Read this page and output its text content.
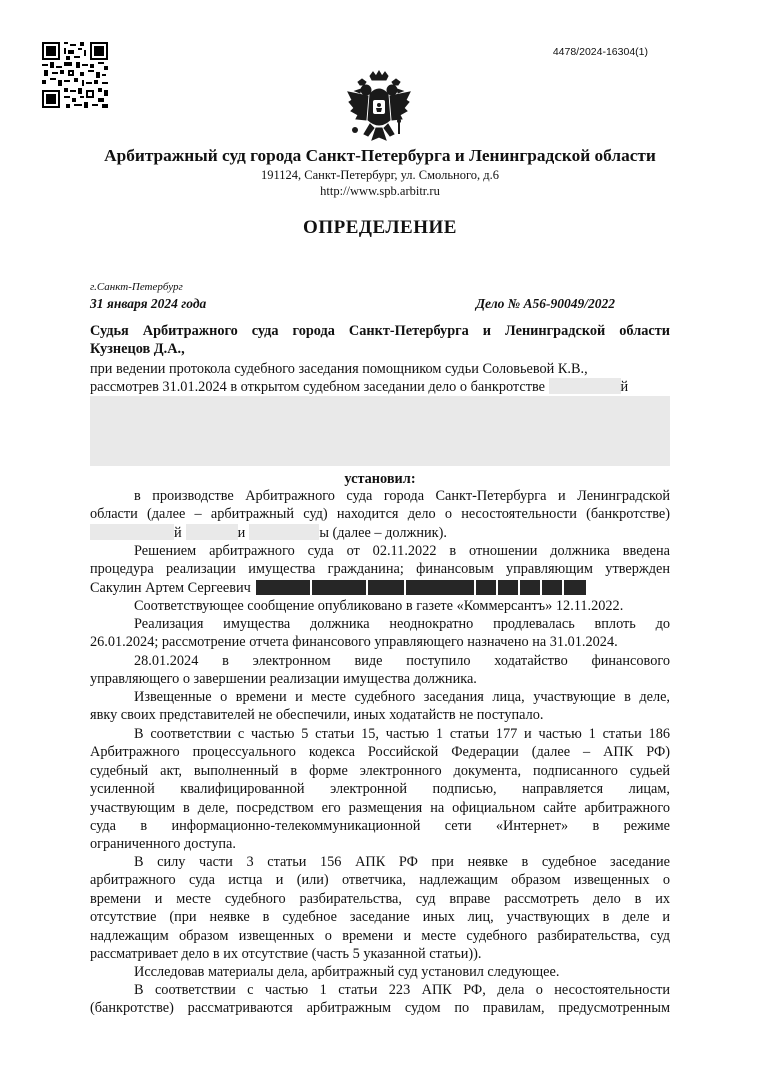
4478/2024-16304(1)
Арбитражный суд города Санкт-Петербурга и Ленинградской области
191124, Санкт-Петербург, ул. Смольного, д.6
http://www.spb.arbitr.ru
ОПРЕДЕЛЕНИЕ
г.Санкт-Петербург
31 января 2024 года	Дело № А56-90049/2022
Судья Арбитражного суда города Санкт-Петербурга и Ленинградской области
Кузнецов Д.А.,
при ведении протокола судебного заседания помощником судьи Соловьевой К.В.,
рассмотрев 31.01.2024 в открытом судебном заседании дело о банкротстве	й
установил:
в производстве Арбитражного суда города Санкт-Петербурга и Ленинградской
области (далее – арбитражный суд) находится дело о несостоятельности (банкротстве)
й	и	ы (далее – должник).
Решением арбитражного суда от 02.11.2022 в отношении должника введена
процедура реализации имущества гражданина; финансовым управляющим утвержден
Сакулин Артем Сергеевич
Соответствующее сообщение опубликовано в газете «Коммерсантъ» 12.11.2022.
Реализация имущества должника неоднократно продлевалась вплоть до
26.01.2024; рассмотрение отчета финансового управляющего назначено на 31.01.2024.
28.01.2024 в электронном виде поступило ходатайство финансового
управляющего о завершении реализации имущества должника.
Извещенные о времени и месте судебного заседания лица, участвующие в деле,
явку своих представителей не обеспечили, иных ходатайств не поступало.
В соответствии с частью 5 статьи 15, частью 1 статьи 177 и частью 1 статьи 186
Арбитражного процессуального кодекса Российской Федерации (далее – АПК РФ)
судебный акт, выполненный в форме электронного документа, подписанного судьей
усиленной квалифицированной электронной подписью, направляется лицам,
участвующим в деле, посредством его размещения на официальном сайте арбитражного
суда в информационно-телекоммуникационной сети «Интернет» в режиме
ограниченного доступа.
В силу части 3 статьи 156 АПК РФ при неявке в судебное заседание
арбитражного суда истца и (или) ответчика, надлежащим образом извещенных о
времени и месте судебного разбирательства, суд вправе рассмотреть дело в их
отсутствие (при неявке в судебное заседание иных лиц, участвующих в деле и
надлежащим образом извещенных о времени и месте судебного разбирательства, суд
рассматривает дело в их отсутствие (часть 5 указанной статьи)).
Исследовав материалы дела, арбитражный суд установил следующее.
В соответствии с частью 1 статьи 223 АПК РФ, дела о несостоятельности
(банкротстве) рассматриваются арбитражным судом по правилам, предусмотренным
